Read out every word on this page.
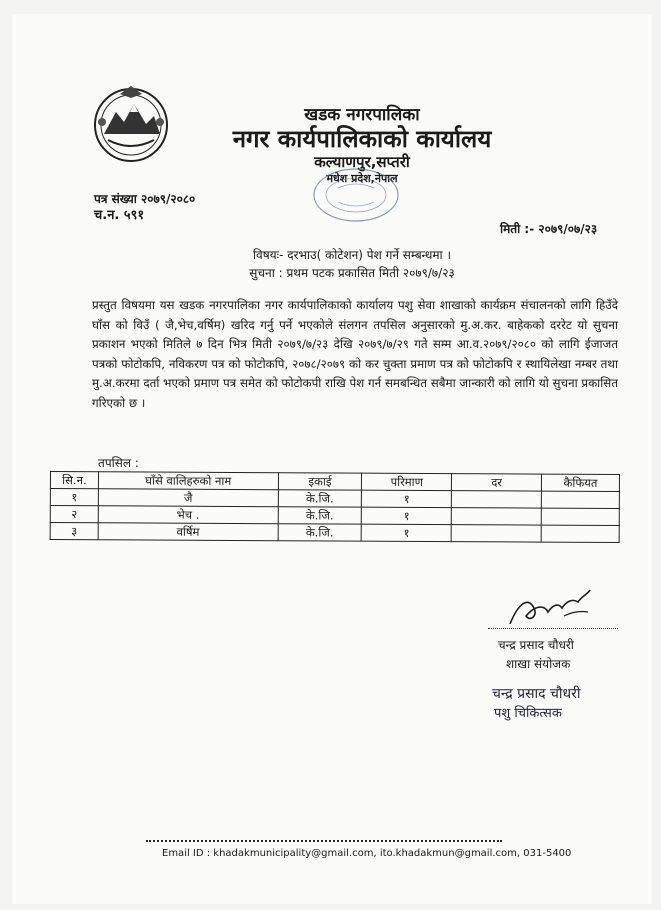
खडक नगरपालिका
नगर कार्यपालिकाको कार्यालय
कल्याणपुर,सप्तरी
मधेश प्रदेश,नेपाल
पत्र संख्या २०७९/२०८०
च.न. ५९१
मिती :- २०७९/०७/२३
विषयः- दरभाउ( कोटेशन) पेश गर्ने सम्बन्धमा ।
सुचना : प्रथम पटक प्रकासित मिती २०७९/७/२३
प्रस्तुत विषयमा यस खडक नगरपालिका नगर कार्यपालिकाको कार्यालय पशु सेवा शाखाको कार्यक्रम संचालनको लागि हिउँदे घाँस को विउँ ( जै,भेच,वर्षिम) खरिद गर्नु पर्ने भएकोले संलगन तपसिल अनुसारको मु.अ.कर. बाहेकको दररेट यो सुचना प्रकाशन भएको मितिले ७ दिन भित्र मिती २०७९/७/२३ देखि २०७९/७/२९ गते सम्म आ.व.२०७९/२०८० को लागि ईजाजत पत्रको फोटोकपि, नविकरण पत्र को फोटोकपि, २०७८/२०७९ को कर चुक्ता प्रमाण पत्र को फोटोकपि र स्थायिलेखा नम्बर तथा मु.अ.करमा दर्ता भएको प्रमाण पत्र समेत को फोटोकपी राखि पेश गर्न समबन्धित सबैमा जान्कारी को लागि यो सुचना प्रकासित गरिएको छ ।
तपसिल :
सि.न.	घाँसे वालिहरुको नाम	इकाई	परिमाण	दर	कैफियत
१	जै	के.जि.	१		
२	भेच .	के.जि.	१		
३	वर्षिम	के.जि.	१		
चन्द्र प्रसाद चौधरी
शाखा संयोजक
चन्द्र प्रसाद चौधरी
पशु चिकित्सक
Email ID : khadakmunicipality@gmail.com, ito.khadakmun@gmail.com, 031-5400
